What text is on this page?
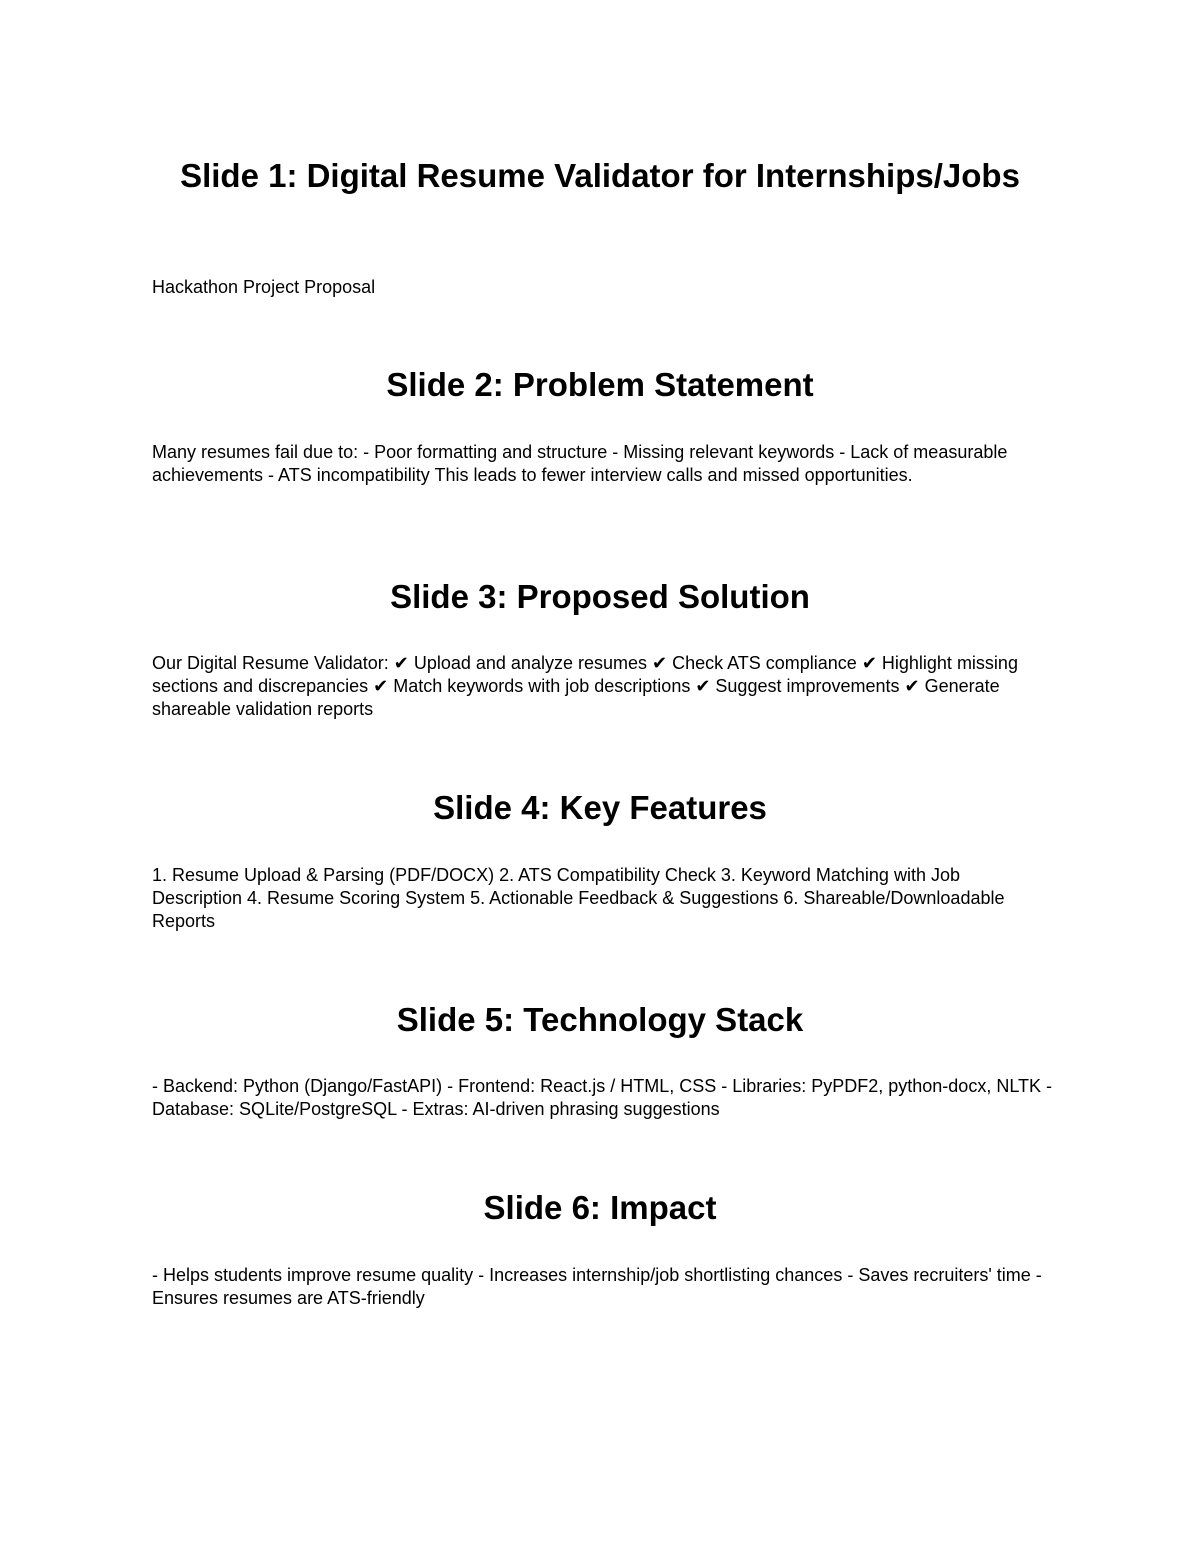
Slide 1: Digital Resume Validator for Internships/Jobs

Hackathon Project Proposal

Slide 2: Problem Statement

Many resumes fail due to: - Poor formatting and structure - Missing relevant keywords - Lack of measurable achievements - ATS incompatibility This leads to fewer interview calls and missed opportunities.

Slide 3: Proposed Solution

Our Digital Resume Validator: ✔ Upload and analyze resumes ✔ Check ATS compliance ✔ Highlight missing sections and discrepancies ✔ Match keywords with job descriptions ✔ Suggest improvements ✔ Generate shareable validation reports

Slide 4: Key Features

1. Resume Upload & Parsing (PDF/DOCX) 2. ATS Compatibility Check 3. Keyword Matching with Job Description 4. Resume Scoring System 5. Actionable Feedback & Suggestions 6. Shareable/Downloadable Reports

Slide 5: Technology Stack

- Backend: Python (Django/FastAPI) - Frontend: React.js / HTML, CSS - Libraries: PyPDF2, python-docx, NLTK - Database: SQLite/PostgreSQL - Extras: AI-driven phrasing suggestions

Slide 6: Impact

- Helps students improve resume quality - Increases internship/job shortlisting chances - Saves recruiters' time - Ensures resumes are ATS-friendly
